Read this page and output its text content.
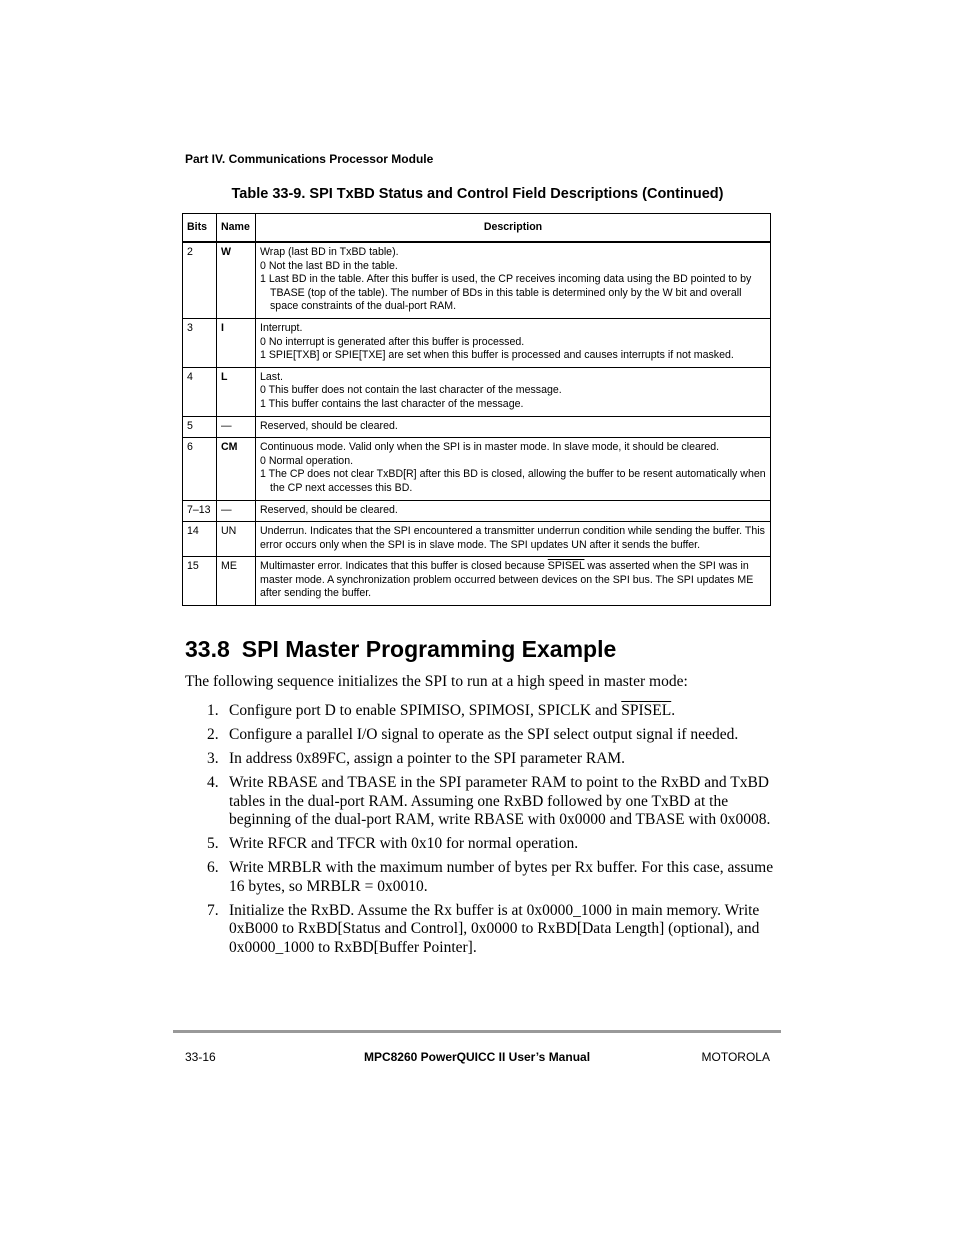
Part IV. Communications Processor Module
Table 33-9. SPI TxBD Status and Control Field Descriptions (Continued)
Bits	Name	Description
2	W	Wrap (last BD in TxBD table).
0 Not the last BD in the table.
1 Last BD in the table. After this buffer is used, the CP receives incoming data using the BD pointed to by TBASE (top of the table). The number of BDs in this table is determined only by the W bit and overall space constraints of the dual-port RAM.

3	I	Interrupt.
0 No interrupt is generated after this buffer is processed.
1 SPIE[TXB] or SPIE[TXE] are set when this buffer is processed and causes interrupts if not masked.

4	L	Last.
0 This buffer does not contain the last character of the message.
1 This buffer contains the last character of the message.

5	—	Reserved, should be cleared.

6	CM	Continuous mode. Valid only when the SPI is in master mode. In slave mode, it should be cleared.
0 Normal operation.
1 The CP does not clear TxBD[R] after this BD is closed, allowing the buffer to be resent automatically when the CP next accesses this BD.

7–13	—	Reserved, should be cleared.

14	UN	Underrun. Indicates that the SPI encountered a transmitter underrun condition while sending the buffer. This error occurs only when the SPI is in slave mode. The SPI updates UN after it sends the buffer.

15	ME	Multimaster error. Indicates that this buffer is closed because SPISEL was asserted when the SPI was in master mode. A synchronization problem occurred between devices on the SPI bus. The SPI updates ME after sending the buffer.
33.8 SPI Master Programming Example
The following sequence initializes the SPI to run at a high speed in master mode:
1. Configure port D to enable SPIMISO, SPIMOSI, SPICLK and SPISEL.
2. Configure a parallel I/O signal to operate as the SPI select output signal if needed.
3. In address 0x89FC, assign a pointer to the SPI parameter RAM.
4. Write RBASE and TBASE in the SPI parameter RAM to point to the RxBD and TxBD tables in the dual-port RAM. Assuming one RxBD followed by one TxBD at the beginning of the dual-port RAM, write RBASE with 0x0000 and TBASE with 0x0008.
5. Write RFCR and TFCR with 0x10 for normal operation.
6. Write MRBLR with the maximum number of bytes per Rx buffer. For this case, assume 16 bytes, so MRBLR = 0x0010.
7. Initialize the RxBD. Assume the Rx buffer is at 0x0000_1000 in main memory. Write 0xB000 to RxBD[Status and Control], 0x0000 to RxBD[Data Length] (optional), and 0x0000_1000 to RxBD[Buffer Pointer].
33-16	MPC8260 PowerQUICC II User’s Manual	MOTOROLA
